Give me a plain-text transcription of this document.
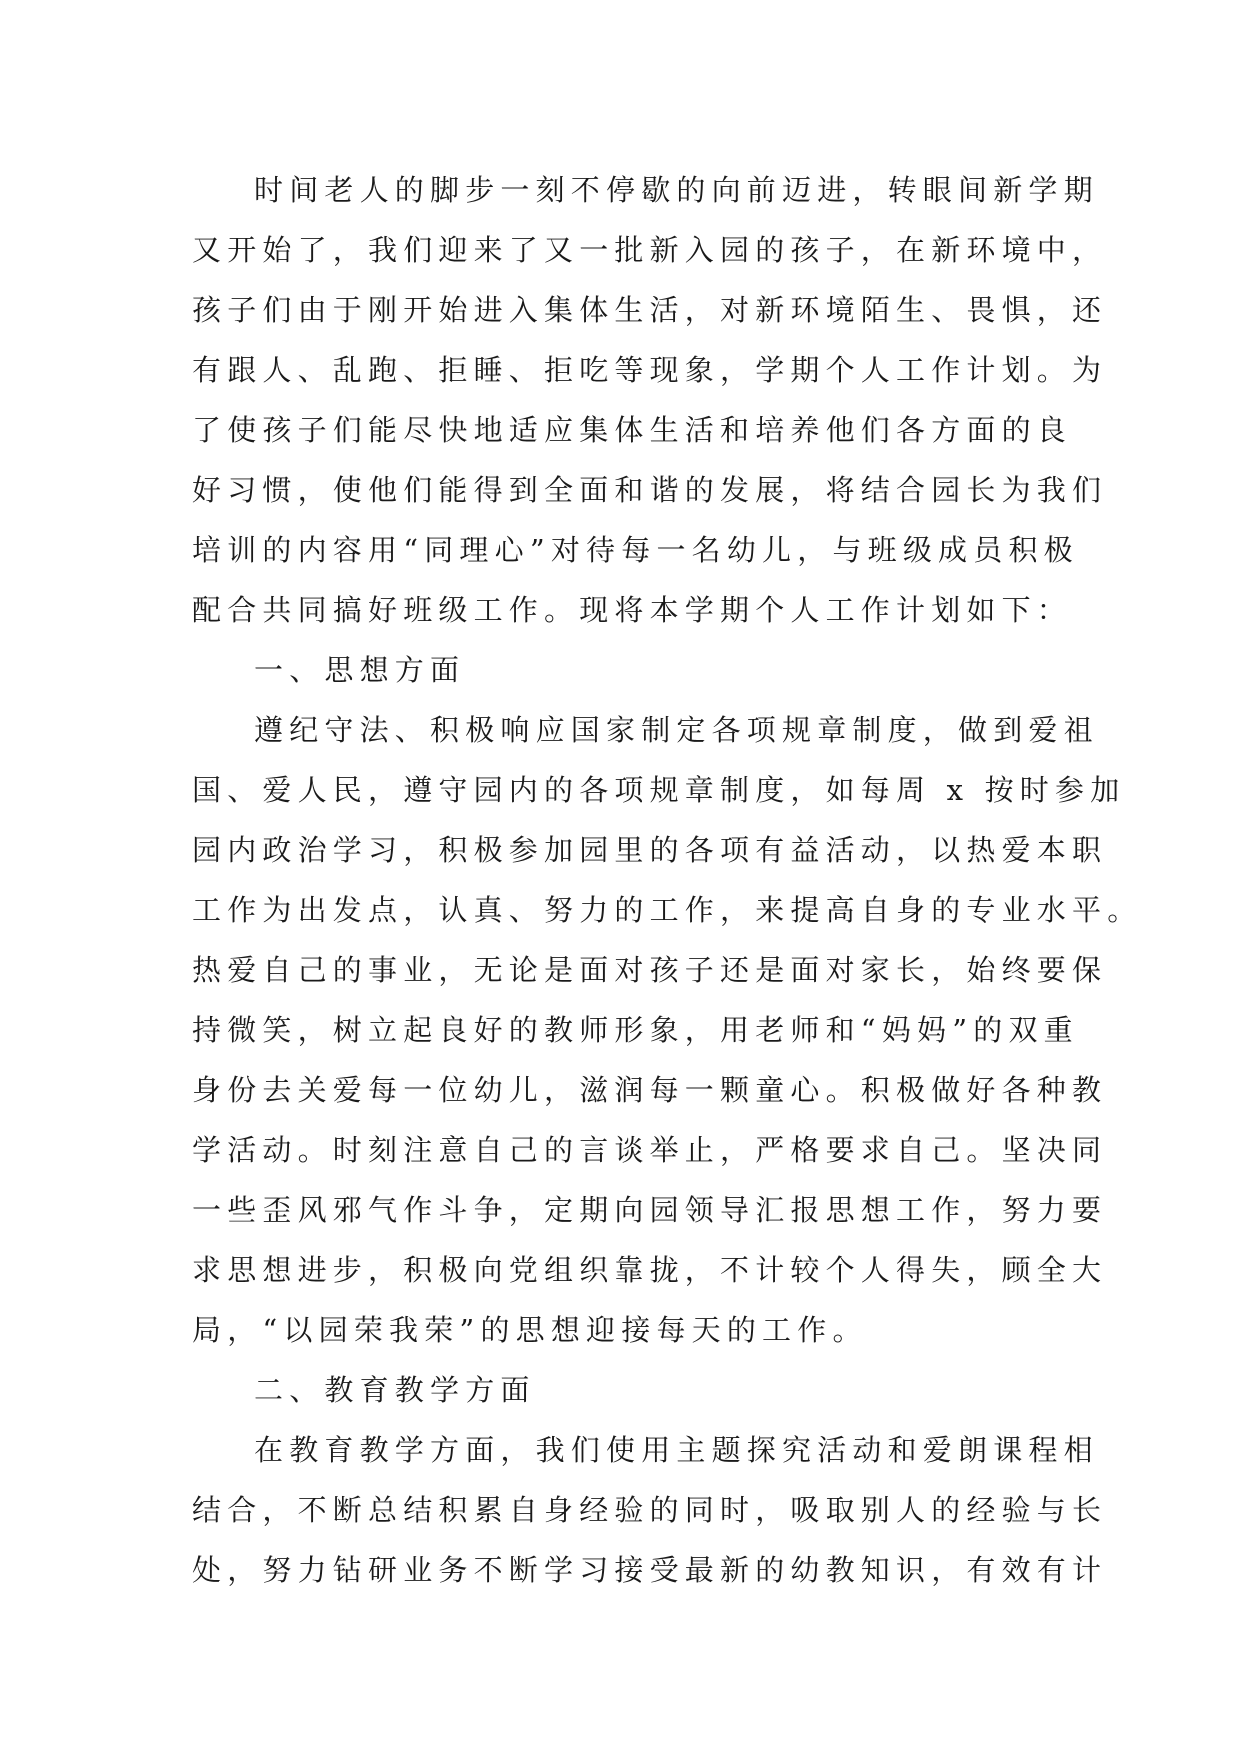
时间老人的脚步一刻不停歇的向前迈进，转眼间新学期
又开始了，我们迎来了又一批新入园的孩子，在新环境中，
孩子们由于刚开始进入集体生活，对新环境陌生、畏惧，还
有跟人、乱跑、拒睡、拒吃等现象，学期个人工作计划。为
了使孩子们能尽快地适应集体生活和培养他们各方面的良
好习惯，使他们能得到全面和谐的发展，将结合园长为我们
培训的内容用“同理心”对待每一名幼儿，与班级成员积极
配合共同搞好班级工作。现将本学期个人工作计划如下：
一、思想方面
遵纪守法、积极响应国家制定各项规章制度，做到爱祖
国、爱人民，遵守园内的各项规章制度，如每周 x 按时参加
园内政治学习，积极参加园里的各项有益活动，以热爱本职
工作为出发点，认真、努力的工作，来提高自身的专业水平。
热爱自己的事业，无论是面对孩子还是面对家长，始终要保
持微笑，树立起良好的教师形象，用老师和“妈妈”的双重
身份去关爱每一位幼儿，滋润每一颗童心。积极做好各种教
学活动。时刻注意自己的言谈举止，严格要求自己。坚决同
一些歪风邪气作斗争，定期向园领导汇报思想工作，努力要
求思想进步，积极向党组织靠拢，不计较个人得失，顾全大
局，“以园荣我荣”的思想迎接每天的工作。
二、教育教学方面
在教育教学方面，我们使用主题探究活动和爱朗课程相
结合，不断总结积累自身经验的同时，吸取别人的经验与长
处，努力钻研业务不断学习接受最新的幼教知识，有效有计
